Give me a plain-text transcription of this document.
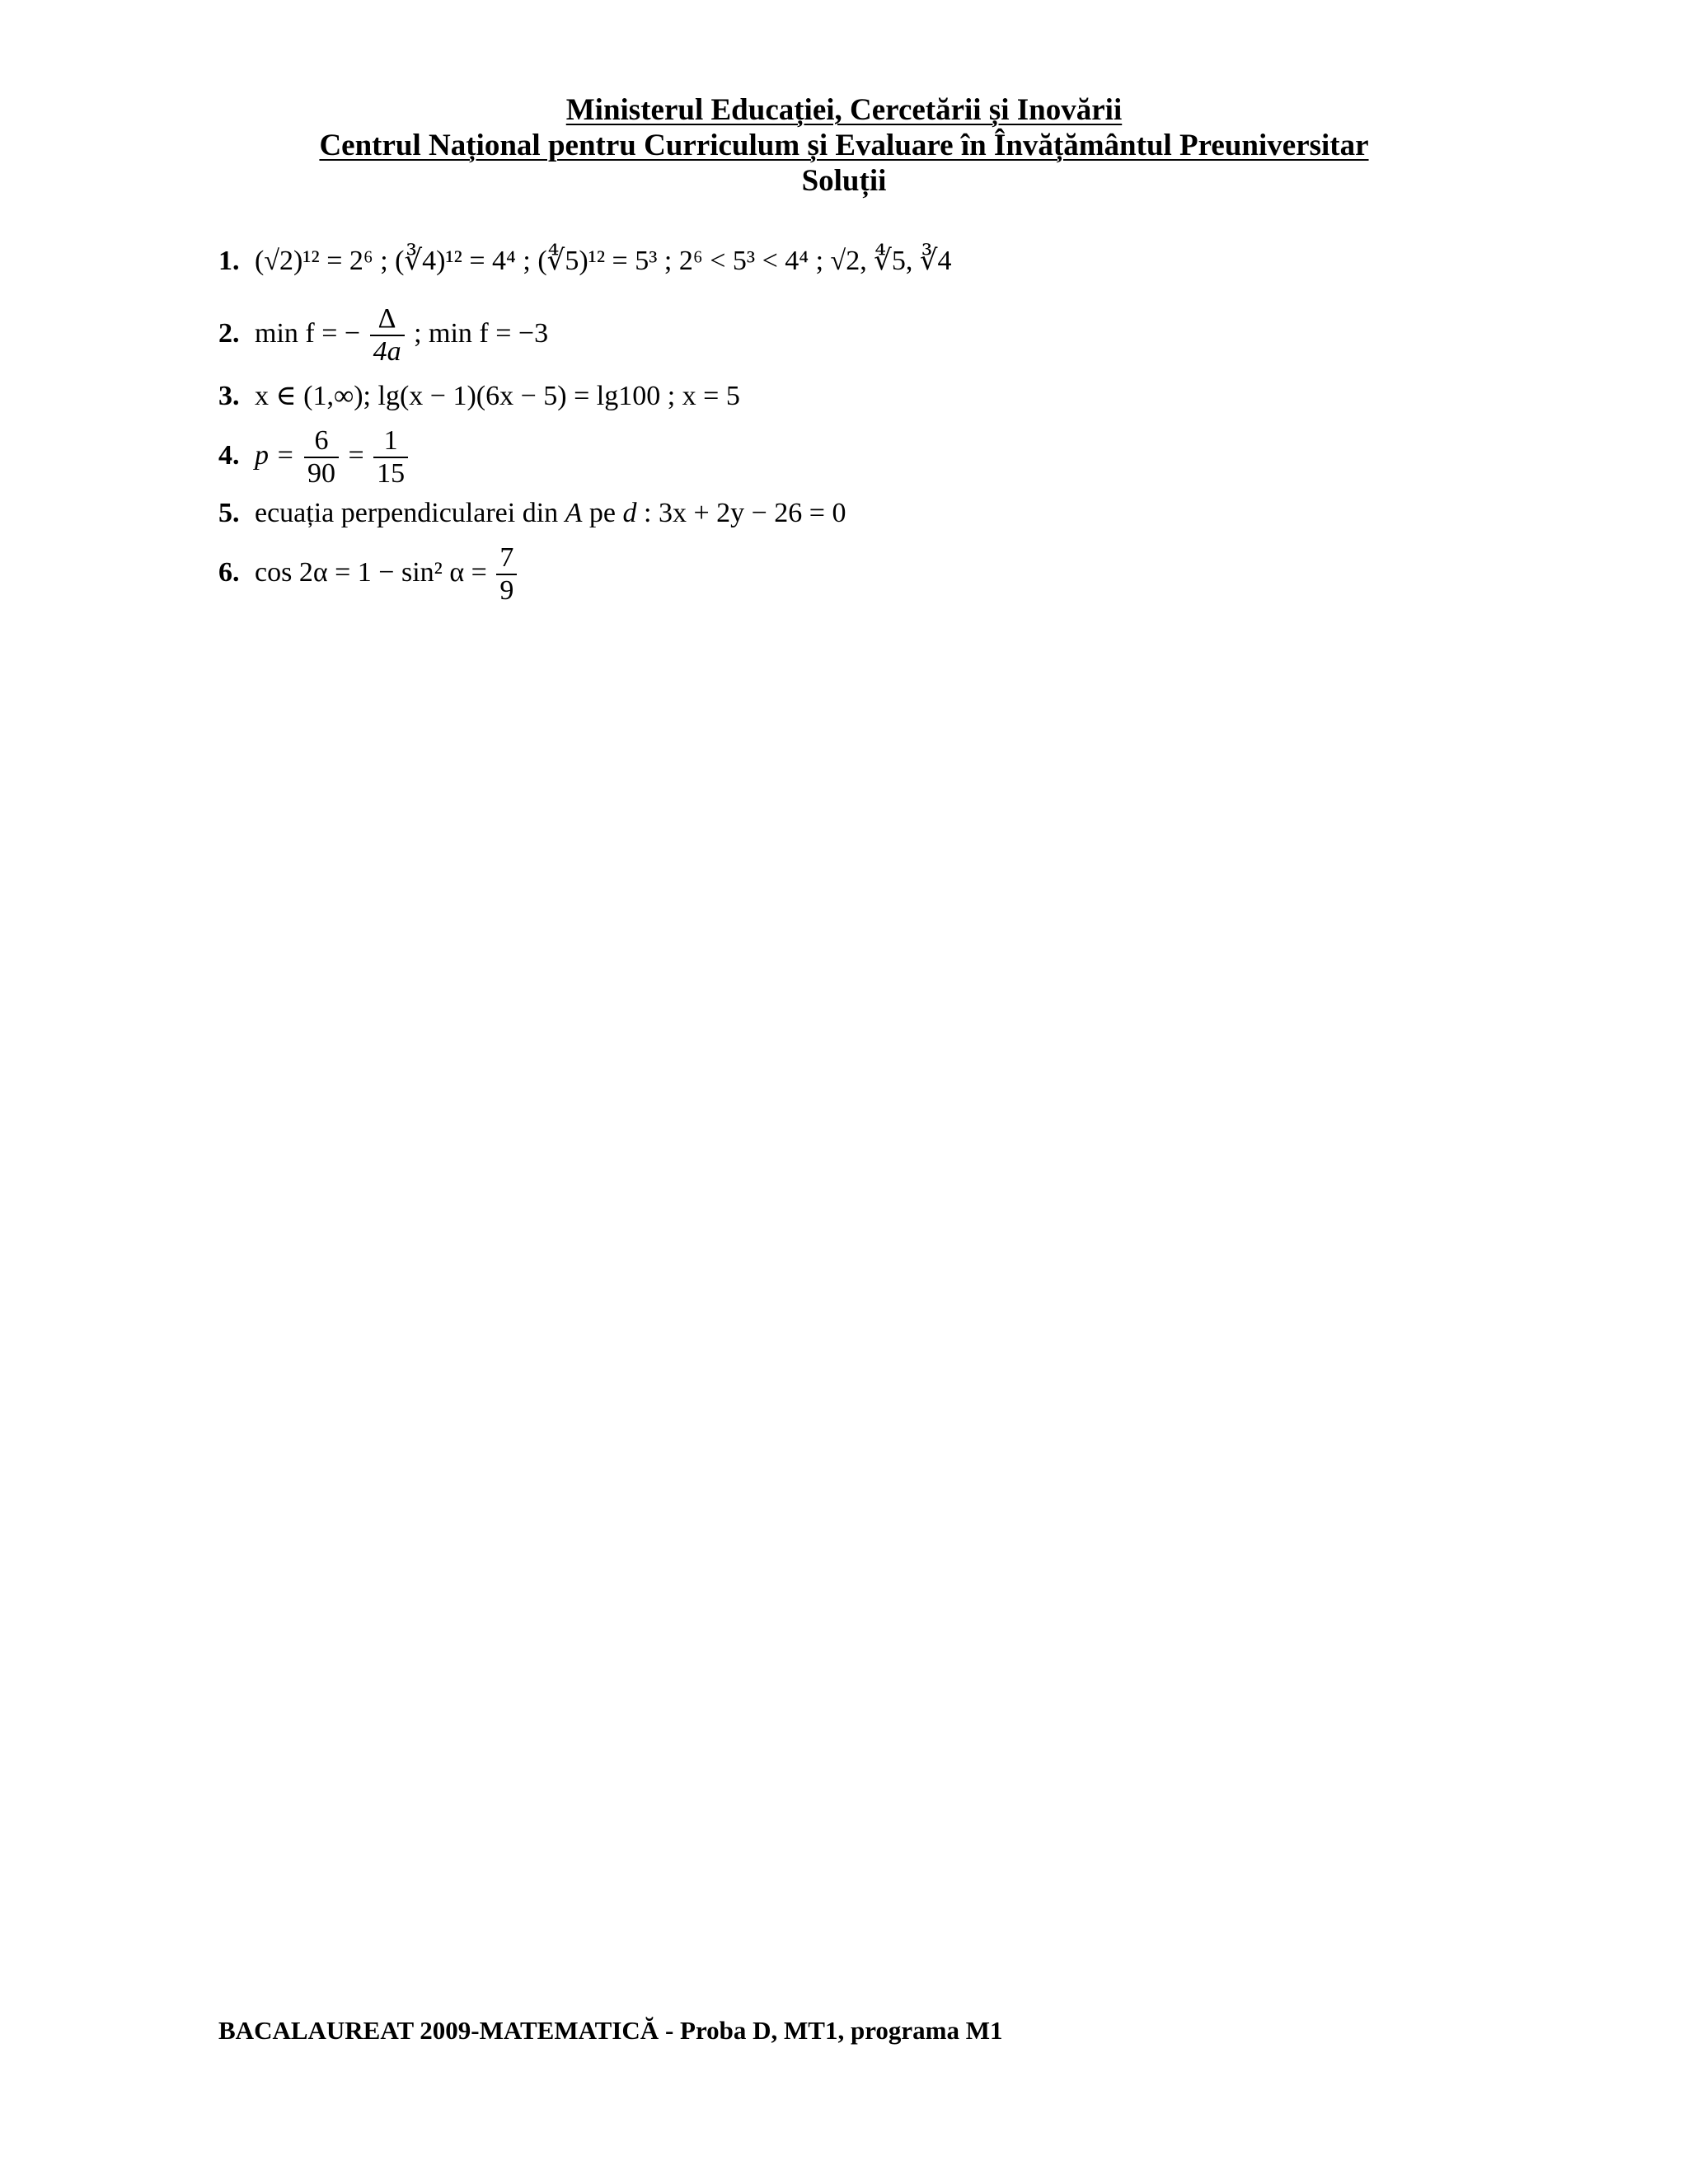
Ministerul Educației, Cercetării și Inovării
Centrul Național pentru Curriculum și Evaluare în Învățământul Preuniversitar
Soluții
1. (√2)¹² = 2⁶ ; (∛4)¹² = 4⁴ ; (∜5)¹² = 5³ ; 2⁶ < 5³ < 4⁴ ; √2, ∜5, ∛4
2. min f = − $\frac{\Delta}{4a}$ ; min f = −3
3. x ∈ (1,∞); lg(x − 1)(6x − 5) = lg100 ; x = 5
4. $p = \frac{6}{90} = \frac{1}{15}$
5. ecuația perpendicularei din A pe d : 3x + 2y − 26 = 0
6. cos 2α = 1 − sin² $\alpha = \frac{7}{9}$
BACALAUREAT 2009-MATEMATICĂ - Proba D, MT1, programa M1
